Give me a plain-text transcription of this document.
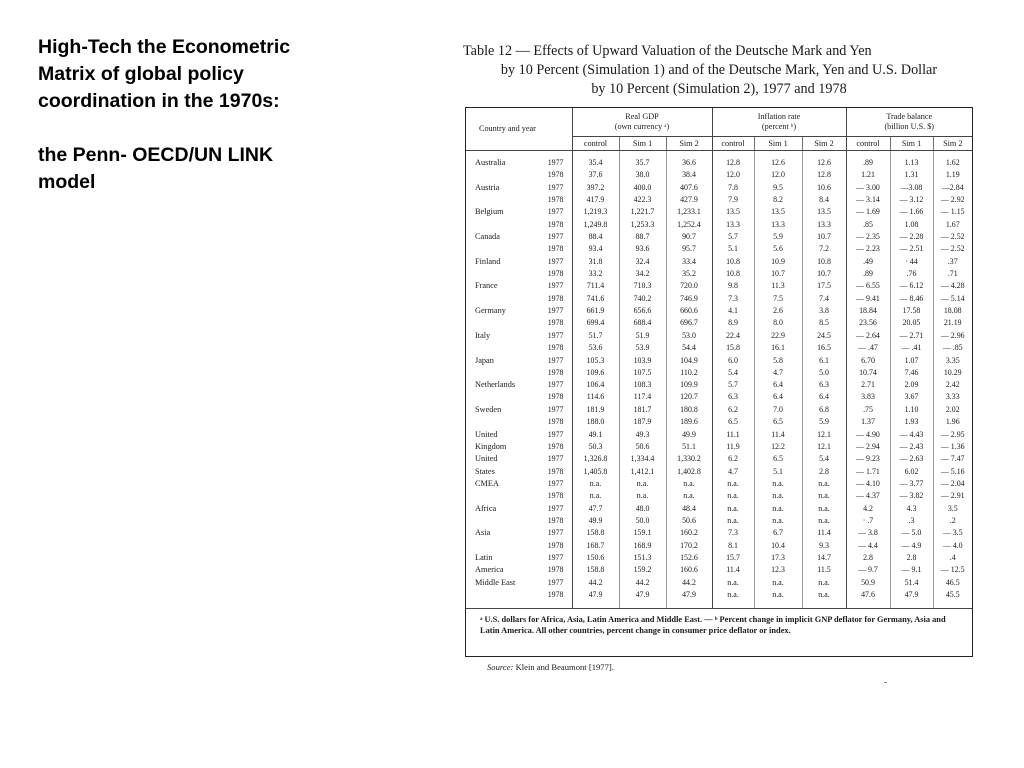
High-Tech the Econometric
Matrix of global policy
coordination in the 1970s:
the Penn- OECD/UN LINK
model
Table 12 — Effects of Upward Valuation of the Deutsche Mark and Yen
by 10 Percent (Simulation 1) and of the Deutsche Mark, Yen and U.S. Dollar
by 10 Percent (Simulation 2), 1977 and 1978
Country and year		Real GDP
(own currency ᵃ)			Inflation rate
(percent ᵇ)			Trade balance
(billion U.S. $)		
		control	Sim 1	Sim 2	control	Sim 1	Sim 2	control	Sim 1	Sim 2
Australia	1977	35.4	35.7	36.6	12.8	12.6	12.6	.89	1.13	1.62
	1978	37.6	38.0	38.4	12.0	12.0	12.8	1.21	1.31	1.19
Austria	1977	397.2	400.0	407.6	7.8	9.5	10.6	— 3.00	—3.08	—2.84
	1978	417.9	422.3	427.9	7.9	8.2	8.4	— 3.14	— 3.12	— 2.92
Belgium	1977	1,219.3	1,221.7	1,233.1	13.5	13.5	13.5	— 1.69	— 1.66	— 1.15
	1978	1,249.8	1,253.3	1,252.4	13.3	13.3	13.3	.85	1.08	1.67
Canada	1977	88.4	88.7	90.7	5.7	5.9	10.7	— 2.35	— 2.28	— 2.52
	1978	93.4	93.6	95.7	5.1	5.6	7.2	— 2.23	— 2.51	— 2.52
Finland	1977	31.8	32.4	33.4	10.8	10.9	10.8	.49	· 44	.37
	1978	33.2	34.2	35.2	10.8	10.7	10.7	.89	.76	.71
France	1977	711.4	710.3	720.0	9.8	11.3	17.5	— 6.55	— 6.12	— 4.28
	1978	741.6	740.2	746.9	7.3	7.5	7.4	— 9.41	— 8.46	— 5.14
Germany	1977	661.9	656.6	660.6	4.1	2.6	3.8	18.84	17.58	18.08
	1978	699.4	688.4	696.7	8.9	8.0	8.5	23.56	20.05	21.19
Italy	1977	51.7	51.9	53.0	22.4	22.9	24.5	— 2.64	— 2.71	— 2.96
	1978	53.6	53.9	54.4	15.8	16.1	16.5	— .47	— .41	— .85
Japan	1977	105.3	103.9	104.9	6.0	5.8	6.1	6.70	1.07	3.35
	1978	109.6	107.5	110.2	5.4	4.7	5.0	10.74	7.46	10.29
Netherlands	1977	106.4	108.3	109.9	5.7	6.4	6.3	2.71	2.09	2.42
	1978	114.6	117.4	120.7	6.3	6.4	6.4	3.83	3.67	3.33
Sweden	1977	181.9	181.7	180.8	6.2	7.0	6.8	.75	1.10	2.02
	1978	188.0	187.9	189.6	6.5	6.5	5.9	1.37	1.93	1.96
United	1977	49.1	49.3	49.9	11.1	11.4	12.1	— 4.90	— 4.43	— 2.95
Kingdom	1978	50.3	50.6	51.1	11.9	12.2	12.1	— 2.94	— 2.43	— 1.36
United	1977	1,326.8	1,334.4	1,330.2	6.2	6.5	5.4	— 9.23	— 2.63	— 7.47
States	1978	1,405.8	1,412.1	1,402.8	4.7	5.1	2.8	— 1.71	6.02	— 5.16
CMEA	1977	n.a.	n.a.	n.a.	n.a.	n.a.	n.a.	— 4.10	— 3.77	— 2.04
	1978	n.a.	n.a.	n.a.	n.a.	n.a.	n.a.	— 4.37	— 3.82	— 2.91
Africa	1977	47.7	48.0	48.4	n.a.	n.a.	n.a.	4.2	4.3	3.5
	1978	49.9	50.0	50.6	n.a.	n.a.	n.a.	· .7	.3	.2
Asia	1977	158.8	159.1	160.2	7.3	6.7	11.4	— 3.8	— 5.0	— 3.5
	1978	168.7	168.9	170.2	8.1	10.4	9.3	— 4.4	— 4.9	— 4.0
Latin	1977	150.6	151.3	152.6	15.7	17.3	14.7	2.8	2.8	.4
America	1978	158.8	159.2	160.6	11.4	12.3	11.5	— 9.7	— 9.1	— 12.5
Middle East	1977	44.2	44.2	44.2	n.a.	n.a.	n.a.	50.9	51.4	46.5
	1978	47.9	47.9	47.9	n.a.	n.a.	n.a.	47.6	47.9	45.5

ᵃ U.S. dollars for Africa, Asia, Latin America and Middle East. — ᵇ Percent change in implicit GNP deflator for Germany, Asia and Latin America. All other countries, percent change in consumer price deflator or index.
Source: Klein and Beaumont [1977].
